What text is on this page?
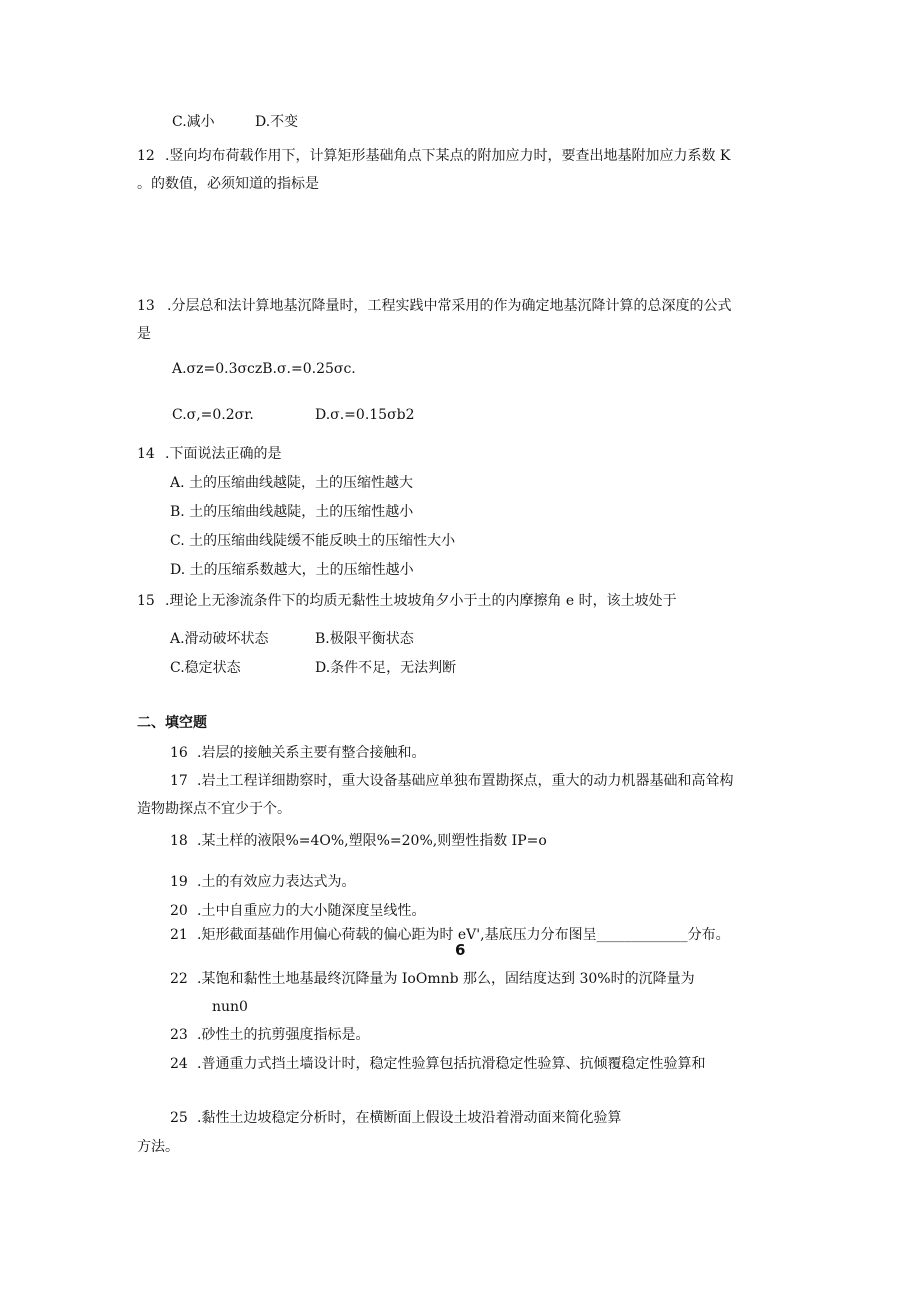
C.减小	D.不变
12 .竖向均布荷载作用下，计算矩形基础角点下某点的附加应力时，要查出地基附加应力系数 K
。的数值，必须知道的指标是
13 .分层总和法计算地基沉降量时，工程实践中常采用的作为确定地基沉降计算的总深度的公式
是
A.σz=0.3σczB.σ.=0.25σc.
C.σ,=0.2σr.	D.σ.=0.15σb2
14 .下面说法正确的是
A. 土的压缩曲线越陡，土的压缩性越大
B. 土的压缩曲线越陡，土的压缩性越小
C. 土的压缩曲线陡缓不能反映土的压缩性大小
D. 土的压缩系数越大，土的压缩性越小
15 .理论上无渗流条件下的均质无黏性土坡坡角夕小于土的内摩擦角 e 时，该土坡处于
A.滑动破坏状态	B.极限平衡状态
C.稳定状态	D.条件不足，无法判断
二、填空题
16 .岩层的接触关系主要有整合接触和。
17 .岩土工程详细勘察时，重大设备基础应单独布置勘探点，重大的动力机器基础和高耸构
造物勘探点不宜少于个。
18 .某土样的液限%=4O%,塑限%=20%,则塑性指数 IP=o
19 .土的有效应力表达式为。
20 .土中自重应力的大小随深度呈线性。
21 .矩形截面基础作用偏心荷载的偏心距为时 eV',基底压力分布图呈_____________分布。
6
22 .某饱和黏性土地基最终沉降量为 IoOmnb 那么，固结度达到 30%时的沉降量为
nun0
23 .砂性土的抗剪强度指标是。
24 .普通重力式挡土墙设计时，稳定性验算包括抗滑稳定性验算、抗倾覆稳定性验算和
25 .黏性土边坡稳定分析时，在横断面上假设土坡沿着滑动面来简化验算
方法。
